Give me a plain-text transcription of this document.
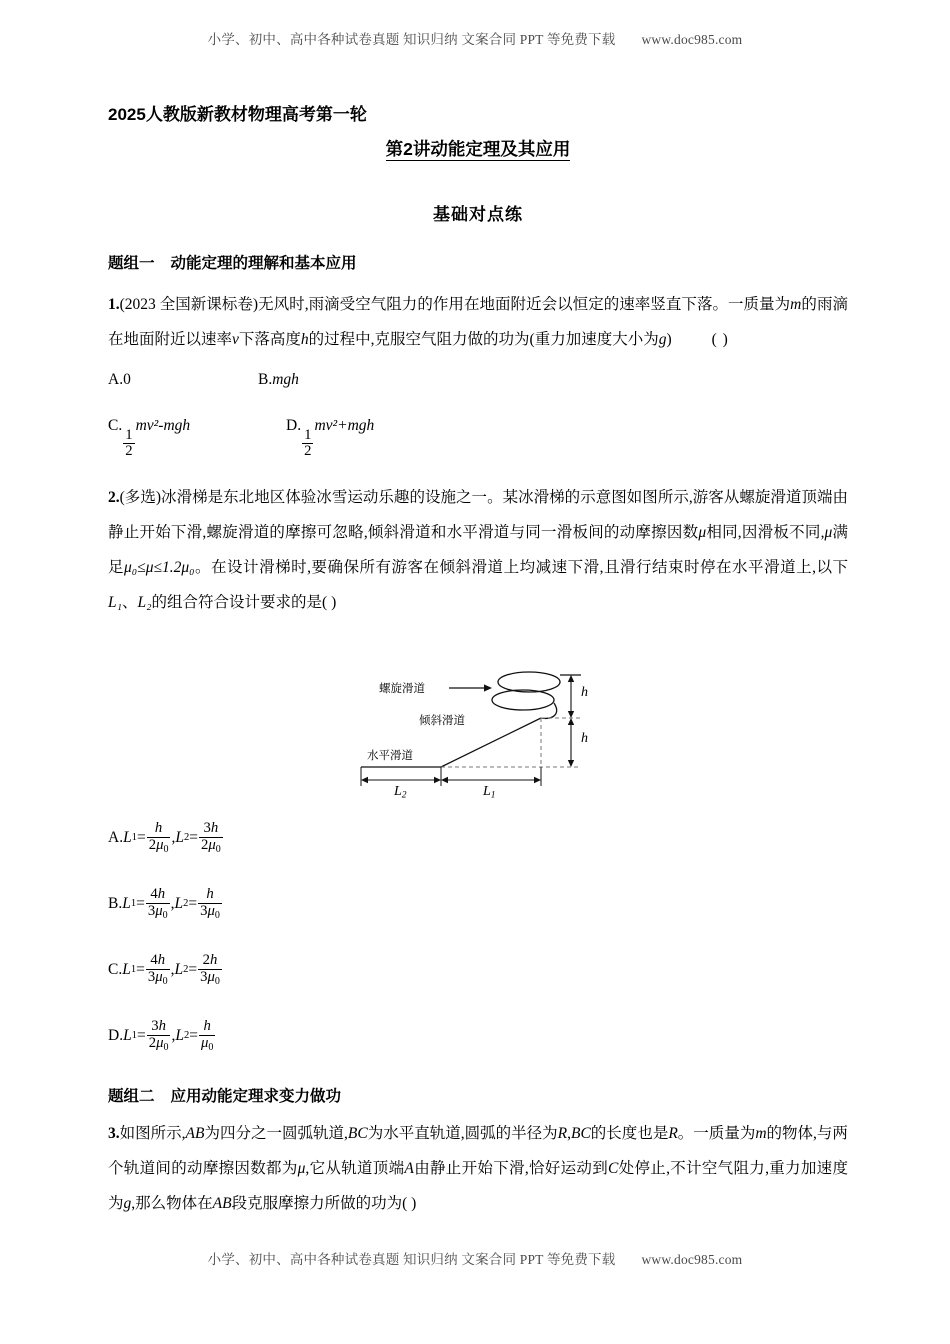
小学、初中、高中各种试卷真题 知识归纳 文案合同 PPT 等免费下载 www.doc985.com
2025人教版新教材物理高考第一轮
第2讲动能定理及其应用
基础对点练
题组一 动能定理的理解和基本应用
1.(2023 全国新课标卷)无风时,雨滴受空气阻力的作用在地面附近会以恒定的速率竖直下落。一质量为m的雨滴在地面附近以速率v下落高度h的过程中,克服空气阻力做的功为(重力加速度大小为g)	( )
A.0	B.mgh
C.
$\frac{1}{2}$
mv²-mgh	D.
$\frac{1}{2}$
mv²+mgh
2.(多选)冰滑梯是东北地区体验冰雪运动乐趣的设施之一。某冰滑梯的示意图如图所示,游客从螺旋滑道顶端由静止开始下滑,螺旋滑道的摩擦可忽略,倾斜滑道和水平滑道与同一滑板间的动摩擦因数μ相同,因滑板不同,μ满足μ₀≤μ≤1.2μ₀。在设计滑梯时,要确保所有游客在倾斜滑道上均减速下滑,且滑行结束时停在水平滑道上,以下L₁、L₂的组合符合设计要求的是( )
螺旋滑道
倾斜滑道
水平滑道
h
h
$L_2$	$L_1$
A. L $1 = \frac{h}{2\mu_0}$ , L $2 = \frac{3h}{2\mu_0}$
B. L $1 = \frac{4h}{3\mu_0}$ , L $2 = \frac{h}{3\mu_0}$
C. L $1 = \frac{4h}{3\mu_0}$ , L $2 = \frac{2h}{3\mu_0}$
D. L $1 = \frac{3h}{2\mu_0}$ , L $2 = \frac{h}{\mu_0}$
题组二 应用动能定理求变力做功
3.如图所示,AB为四分之一圆弧轨道,BC为水平直轨道,圆弧的半径为R,BC的长度也是R。一质量为m的物体,与两个轨道间的动摩擦因数都为μ,它从轨道顶端A由静止开始下滑,恰好运动到C处停止,不计空气阻力,重力加速度为g,那么物体在AB段克服摩擦力所做的功为( )
小学、初中、高中各种试卷真题 知识归纳 文案合同 PPT 等免费下载 www.doc985.com
